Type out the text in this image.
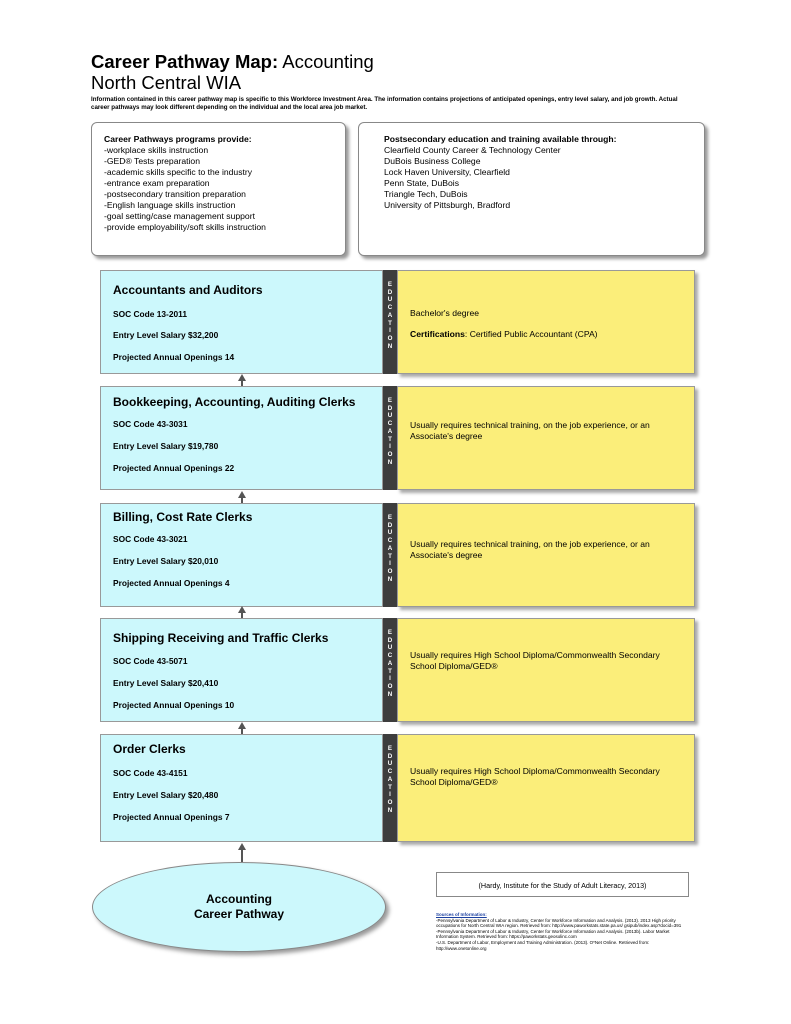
Career Pathway Map: Accounting
North Central WIA
Information contained in this career pathway map is specific to this Workforce Investment Area. The information contains projections of anticipated openings, entry level salary, and job growth. Actual career pathways may look different depending on the individual and the local area job market.
Career Pathways programs provide:
-workplace skills instruction
-GED® Tests preparation
-academic skills specific to the industry
-entrance exam preparation
-postsecondary transition preparation
-English language skills instruction
-goal setting/case management support
-provide employability/soft skills instruction
Postsecondary education and training available through:
Clearfield County Career & Technology Center
DuBois Business College
Lock Haven University, Clearfield
Penn State, DuBois
Triangle Tech, DuBois
University of Pittsburgh, Bradford
Accountants and Auditors
SOC Code 13-2011
Entry Level Salary $32,200
Projected Annual Openings 14
E
D
U
C
A
T
I
O
N
Bachelor's degree
Certifications: Certified Public Accountant (CPA)
Bookkeeping, Accounting, Auditing Clerks
SOC Code 43-3031
Entry Level Salary $19,780
Projected Annual Openings 22
E
D
U
C
A
T
I
O
N
Usually requires technical training, on the job experience, or an Associate's degree
Billing, Cost Rate Clerks
SOC Code 43-3021
Entry Level Salary $20,010
Projected Annual Openings 4
E
D
U
C
A
T
I
O
N
Usually requires technical training, on the job experience, or an Associate's degree
Shipping Receiving and Traffic Clerks
SOC Code 43-5071
Entry Level Salary $20,410
Projected Annual Openings 10
E
D
U
C
A
T
I
O
N
Usually requires High School Diploma/Commonwealth Secondary School Diploma/GED®
Order Clerks
SOC Code 43-4151
Entry Level Salary $20,480
Projected Annual Openings 7
E
D
U
C
A
T
I
O
N
Usually requires High School Diploma/Commonwealth Secondary School Diploma/GED®
Accounting
Career Pathway
(Hardy, Institute for the Study of Adult Literacy, 2013)
Sources of Information:
-Pennsylvania Department of Labor & Industry, Center for Workforce Information and Analysis. (2013). 2013 High priority occupations for North Central WIA region. Retrieved from: http://www.paworkstats.state.pa.us/ gsipub/index.asp?docid=391
-Pennsylvania Department of Labor & Industry, Center for Workforce Information and Analysis. (2013b). Labor Market Information System. Retrieved from: https://paworkstats.geosolinc.com
-U.S. Department of Labor, Employment and Training Administration. (2013). O*Net Online. Retrieved from: http://www.onetonline.org
